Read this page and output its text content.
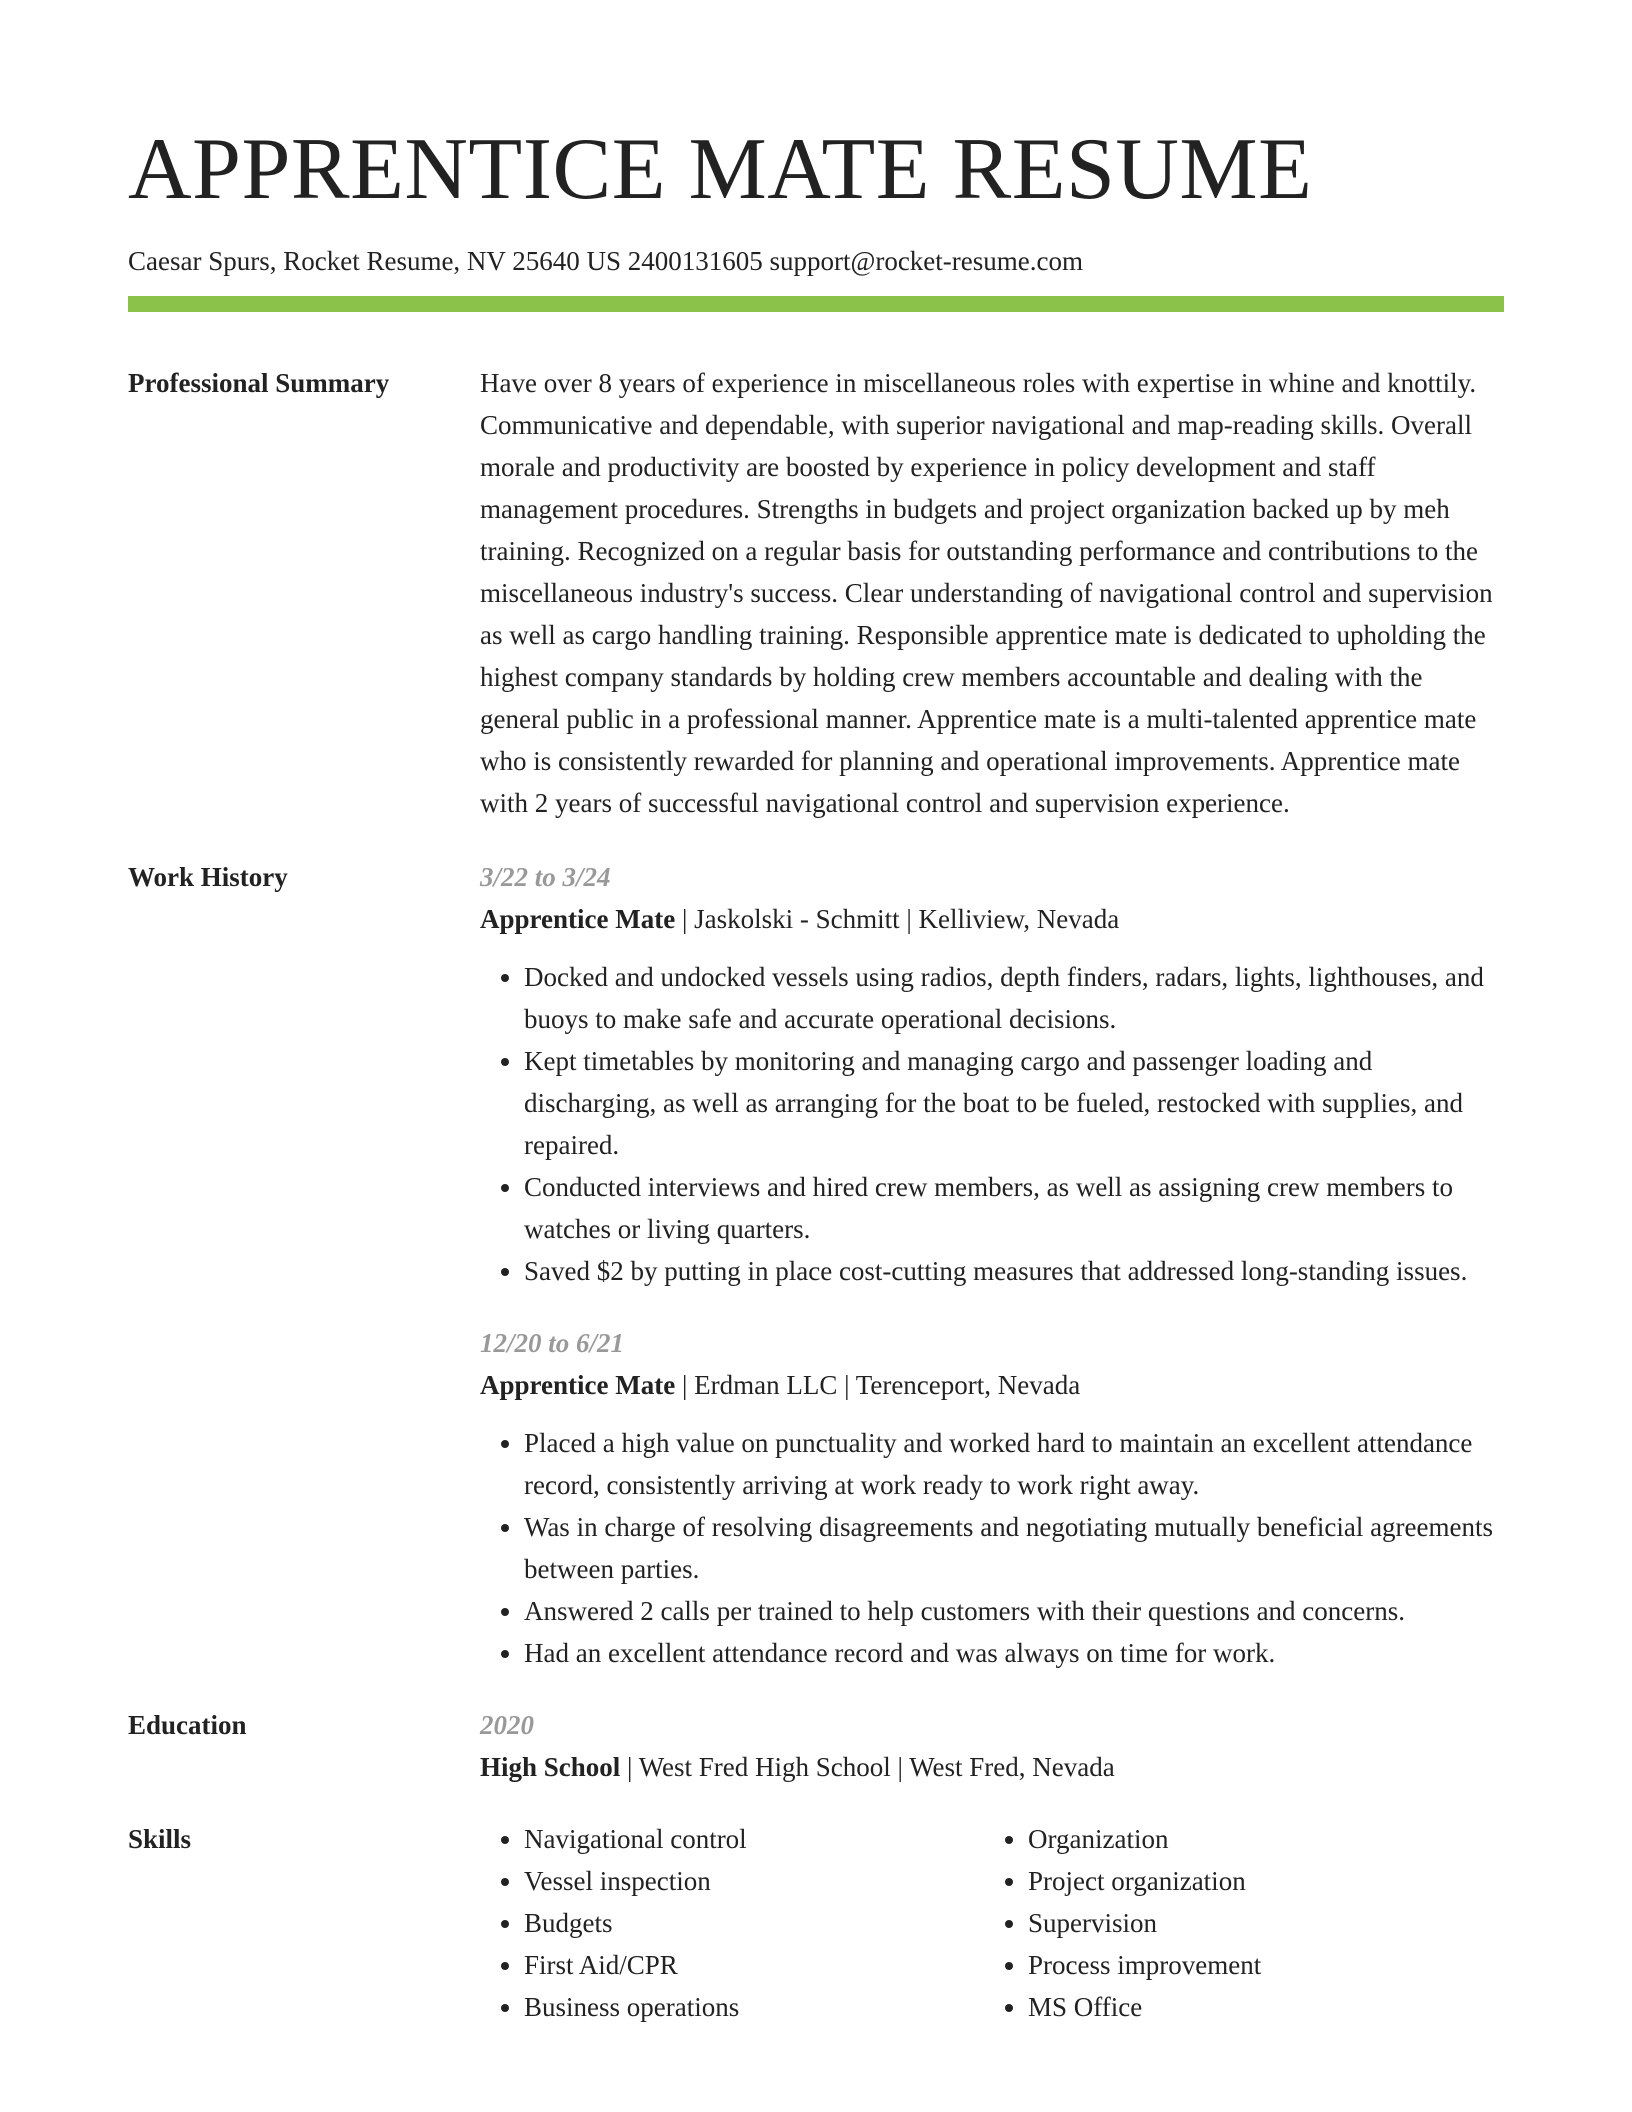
APPRENTICE MATE RESUME
Caesar Spurs, Rocket Resume, NV 25640 US 2400131605 support@rocket-resume.com
Professional Summary	Have over 8 years of experience in miscellaneous roles with expertise in whine and knottily. Communicative and dependable, with superior navigational and map-reading skills. Overall morale and productivity are boosted by experience in policy development and staff management procedures. Strengths in budgets and project organization backed up by meh training. Recognized on a regular basis for outstanding performance and contributions to the miscellaneous industry's success. Clear understanding of navigational control and supervision as well as cargo handling training. Responsible apprentice mate is dedicated to upholding the highest company standards by holding crew members accountable and dealing with the general public in a professional manner. Apprentice mate is a multi-talented apprentice mate who is consistently rewarded for planning and operational improvements. Apprentice mate with 2 years of successful navigational control and supervision experience.

Work History	3/22 to 3/24
Apprentice Mate | Jaskolski - Schmitt | Kelliview, Nevada
• Docked and undocked vessels using radios, depth finders, radars, lights, lighthouses, and buoys to make safe and accurate operational decisions.
• Kept timetables by monitoring and managing cargo and passenger loading and discharging, as well as arranging for the boat to be fueled, restocked with supplies, and repaired.
• Conducted interviews and hired crew members, as well as assigning crew members to watches or living quarters.
• Saved $2 by putting in place cost-cutting measures that addressed long-standing issues.
12/20 to 6/21
Apprentice Mate | Erdman LLC | Terenceport, Nevada
• Placed a high value on punctuality and worked hard to maintain an excellent attendance record, consistently arriving at work ready to work right away.
• Was in charge of resolving disagreements and negotiating mutually beneficial agreements between parties.
• Answered 2 calls per trained to help customers with their questions and concerns.
• Had an excellent attendance record and was always on time for work.
Education	2020
High School | West Fred High School | West Fred, Nevada
Skills
•	Navigational control
• Vessel inspection
• Budgets
• First Aid/CPR
• Business operations
• Organization
• Project organization
• Supervision
• Process improvement
• MS Office
